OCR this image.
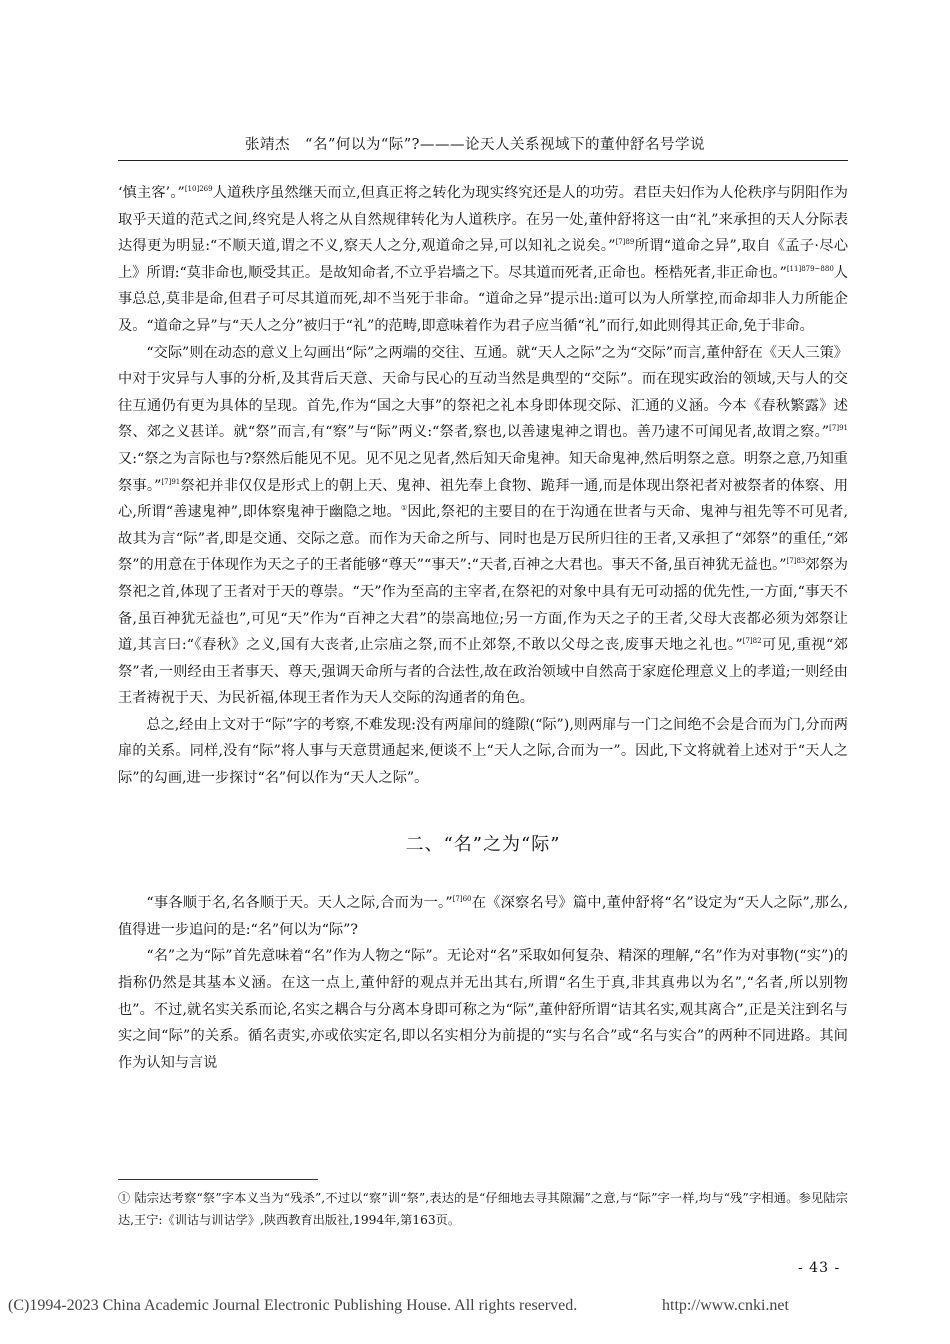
张靖杰　“名”何以为“际”?———论天人关系视域下的董仲舒名号学说

‘慎主客’。”$^{[10]269}$人道秩序虽然继天而立,但真正将之转化为现实终究还是人的功劳。君臣夫妇作为人伦秩序与阴阳作为取乎天道的范式之间,终究是人将之从自然规律转化为人道秩序。在另一处,董仲舒将这一由“礼”来承担的天人分际表达得更为明显:“不顺天道,谓之不义,察天人之分,观道命之异,可以知礼之说矣。”$^{[7]89}$所谓“道命之异”,取自《孟子·尽心上》所谓:“莫非命也,顺受其正。是故知命者,不立乎岩墙之下。尽其道而死者,正命也。桎梏死者,非正命也。”$^{[11]879\sim 880}$人事总总,莫非是命,但君子可尽其道而死,却不当死于非命。“道命之异”提示出:道可以为人所掌控,而命却非人力所能企及。“道命之异”与“天人之分”被归于“礼”的范畴,即意味着作为君子应当循“礼”而行,如此则得其正命,免于非命。

“交际”则在动态的意义上勾画出“际”之两端的交往、互通。就“天人之际”之为“交际”而言,董仲舒在《天人三策》中对于灾异与人事的分析,及其背后天意、天命与民心的互动当然是典型的“交际”。而在现实政治的领域,天与人的交往互通仍有更为具体的呈现。首先,作为“国之大事”的祭祀之礼本身即体现交际、汇通的义涵。今本《春秋繁露》述祭、郊之义甚详。就“祭”而言,有“察”与“际”两义:“祭者,察也,以善逮鬼神之谓也。善乃逮不可闻见者,故谓之察。”$^{[7]91}$又:“祭之为言际也与?祭然后能见不见。见不见之见者,然后知天命鬼神。知天命鬼神,然后明祭之意。明祭之意,乃知重祭事。”$^{[7]91}$祭祀并非仅仅是形式上的朝上天、鬼神、祖先奉上食物、跪拜一通,而是体现出祭祀者对被祭者的体察、用心,所谓“善逮鬼神”,即体察鬼神于幽隐之地。①因此,祭祀的主要目的在于沟通在世者与天命、鬼神与祖先等不可见者,故其为言“际”者,即是交通、交际之意。而作为天命之所与、同时也是万民所归往的王者,又承担了“郊祭”的重任,“郊祭”的用意在于体现作为天之子的王者能够“尊天”“事天”:“天者,百神之大君也。事天不备,虽百神犹无益也。”$^{[7]83}$郊祭为祭祀之首,体现了王者对于天的尊崇。“天”作为至高的主宰者,在祭祀的对象中具有无可动摇的优先性,一方面,“事天不备,虽百神犹无益也”,可见“天”作为“百神之大君”的崇高地位;另一方面,作为天之子的王者,父母大丧都必须为郊祭让道,其言曰:“《春秋》之义,国有大丧者,止宗庙之祭,而不止郊祭,不敢以父母之丧,废事天地之礼也。”$^{[7]82}$可见,重视“郊祭”者,一则经由王者事天、尊天,强调天命所与者的合法性,故在政治领域中自然高于家庭伦理意义上的孝道;一则经由王者祷祝于天、为民祈福,体现王者作为天人交际的沟通者的角色。

总之,经由上文对于“际”字的考察,不难发现:没有两扉间的缝隙(“际”),则两扉与一门之间绝不会是合而为门,分而两扉的关系。同样,没有“际”将人事与天意贯通起来,便谈不上“天人之际,合而为一”。因此,下文将就着上述对于“天人之际”的勾画,进一步探讨“名”何以作为“天人之际”。

二、“名”之为“际”

“事各顺于名,名各顺于天。天人之际,合而为一。”$^{[7]60}$在《深察名号》篇中,董仲舒将“名”设定为“天人之际”,那么,值得进一步追问的是:“名”何以为“际”?

“名”之为“际”首先意味着“名”作为人物之“际”。无论对“名”采取如何复杂、精深的理解,“名”作为对事物(“实”)的指称仍然是其基本义涵。在这一点上,董仲舒的观点并无出其右,所谓“名生于真,非其真弗以为名”,“名者,所以别物也”。不过,就名实关系而论,名实之耦合与分离本身即可称之为“际”,董仲舒所谓“诘其名实,观其离合”,正是关注到名与实之间“际”的关系。循名责实,亦或依实定名,即以名实相分为前提的“实与名合”或“名与实合”的两种不同进路。其间作为认知与言说

① 陆宗达考察“祭”字本义当为“残杀”,不过以“察”训“祭”,表达的是“仔细地去寻其隙漏”之意,与“际”字一样,均与“残”字相通。参见陆宗达,王宁:《训诂与训诂学》,陕西教育出版社,1994年,第163页。
- 43 -
(C)1994-2023 China Academic Journal Electronic Publishing House. All rights reserved.	http://www.cnki.net
